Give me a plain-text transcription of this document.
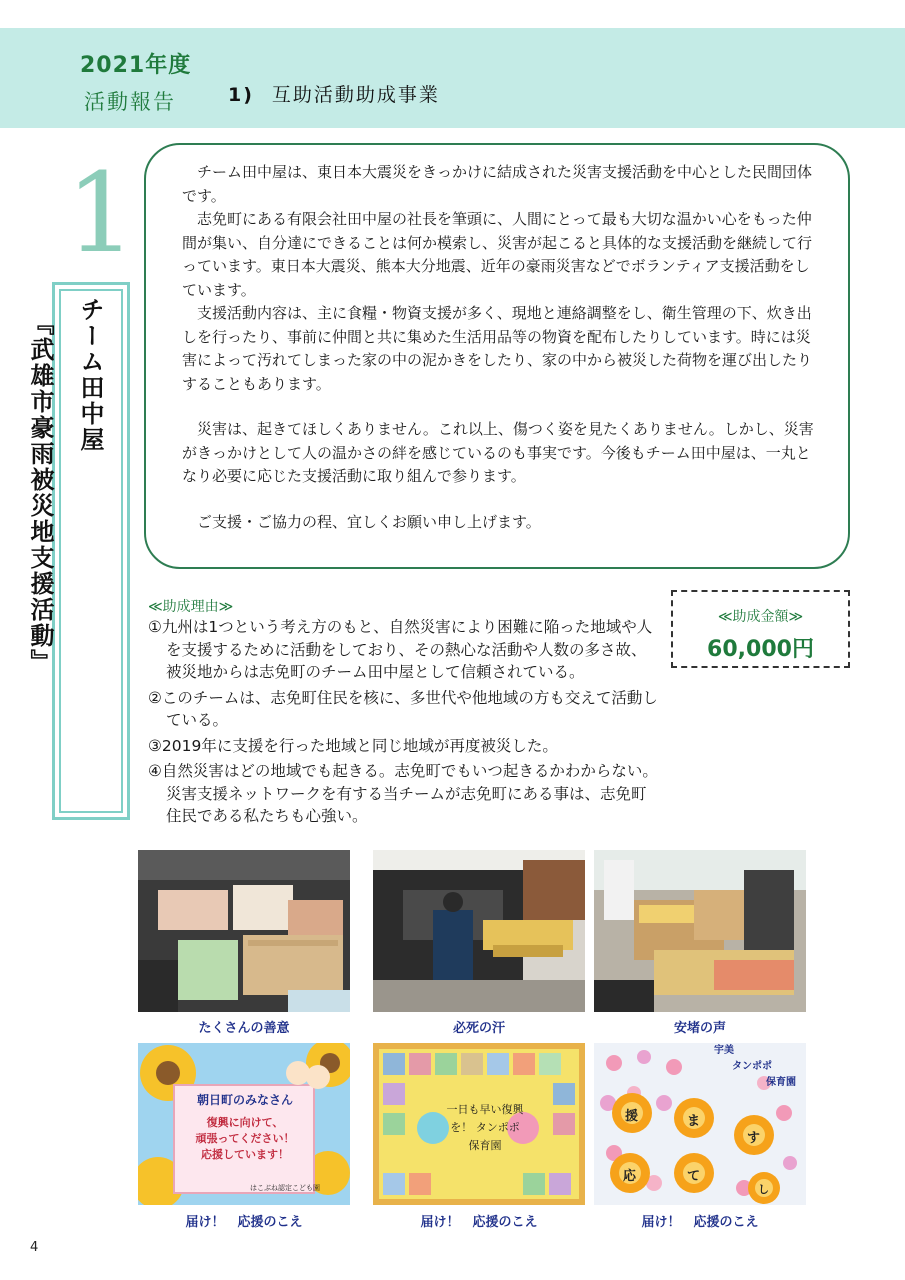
2021年度
活動報告	1) 互助活動助成事業
1
チーム田中屋『武雄市豪雨被災地支援活動』

チーム田中屋は、東日本大震災をきっかけに結成された災害支援活動を中心とした民間団体です。

志免町にある有限会社田中屋の社長を筆頭に、人間にとって最も大切な温かい心をもった仲間が集い、自分達にできることは何か模索し、災害が起こると具体的な支援活動を継続して行っています。東日本大震災、熊本大分地震、近年の豪雨災害などでボランティア支援活動をしています。

支援活動内容は、主に食糧・物資支援が多く、現地と連絡調整をし、衛生管理の下、炊き出しを行ったり、事前に仲間と共に集めた生活用品等の物資を配布したりしています。時には災害によって汚れてしまった家の中の泥かきをしたり、家の中から被災した荷物を運び出したりすることもあります。

災害は、起きてほしくありません。これ以上、傷つく姿を見たくありません。しかし、災害がきっかけとして人の温かさの絆を感じているのも事実です。今後もチーム田中屋は、一丸となり必要に応じた支援活動に取り組んで参ります。

ご支援・ご協力の程、宜しくお願い申し上げます。

≪助成理由≫
①九州は1つという考え方のもと、自然災害により困難に陥った地域や人を支援するために活動をしており、その熱心な活動や人数の多さ故、被災地からは志免町のチーム田中屋として信頼されている。
②このチームは、志免町住民を核に、多世代や他地域の方も交えて活動している。
③2019年に支援を行った地域と同じ地域が再度被災した。
④自然災害はどの地域でも起きる。志免町でもいつ起きるかわからない。災害支援ネットワークを有する当チームが志免町にある事は、志免町住民である私たちも心強い。
≪助成金額≫
60,000円
たくさんの善意	必死の汗	安堵の声
朝日町のみなさん
復興に向けて、
頑張ってください！
応援しています！
はこぶね認定こども園
届け！　応援のこえ
一日も早い復興を！ タンポポ保育園
届け！　応援のこえ
宇美
タンポポ
保育園
援	ま
応	て
す
し
届け！　応援のこえ
4
